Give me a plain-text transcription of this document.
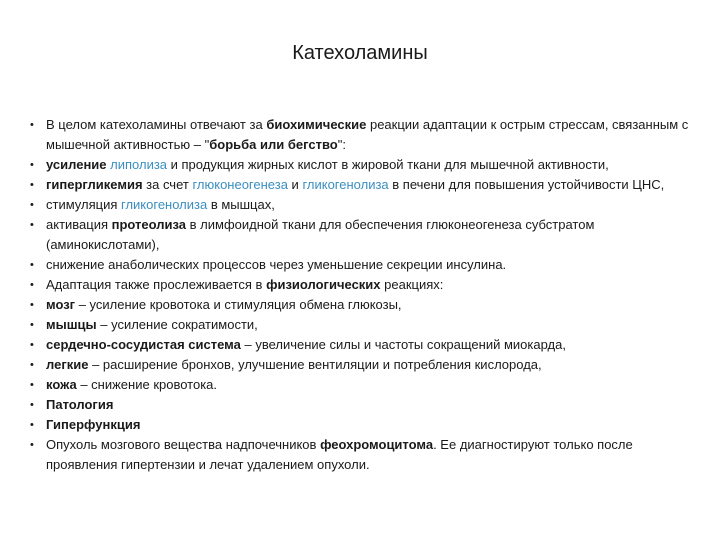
Катехоламины
• В целом катехоламины отвечают за биохимические реакции адаптации к острым стрессам, связанным с мышечной активностью – "борьба или бегство":
• усиление липолиза и продукция жирных кислот в жировой ткани для мышечной активности,
• гипергликемия за счет глюконеогенеза и гликогенолиза в печени для повышения устойчивости ЦНС,
• стимуляция гликогенолиза в мышцах,
• активация протеолиза в лимфоидной ткани для обеспечения глюконеогенеза субстратом (аминокислотами),
• снижение анаболических процессов через уменьшение секреции инсулина.
• Адаптация также прослеживается в физиологических реакциях:
• мозг – усиление кровотока и стимуляция обмена глюкозы,
• мышцы – усиление сократимости,
• сердечно-сосудистая система – увеличение силы и частоты сокращений миокарда,
• легкие – расширение бронхов, улучшение вентиляции и потребления кислорода,
• кожа – снижение кровотока.
• Патология
• Гиперфункция
• Опухоль мозгового вещества надпочечников феохромоцитома. Ее диагностируют только после проявления гипертензии и лечат удалением опухоли.
